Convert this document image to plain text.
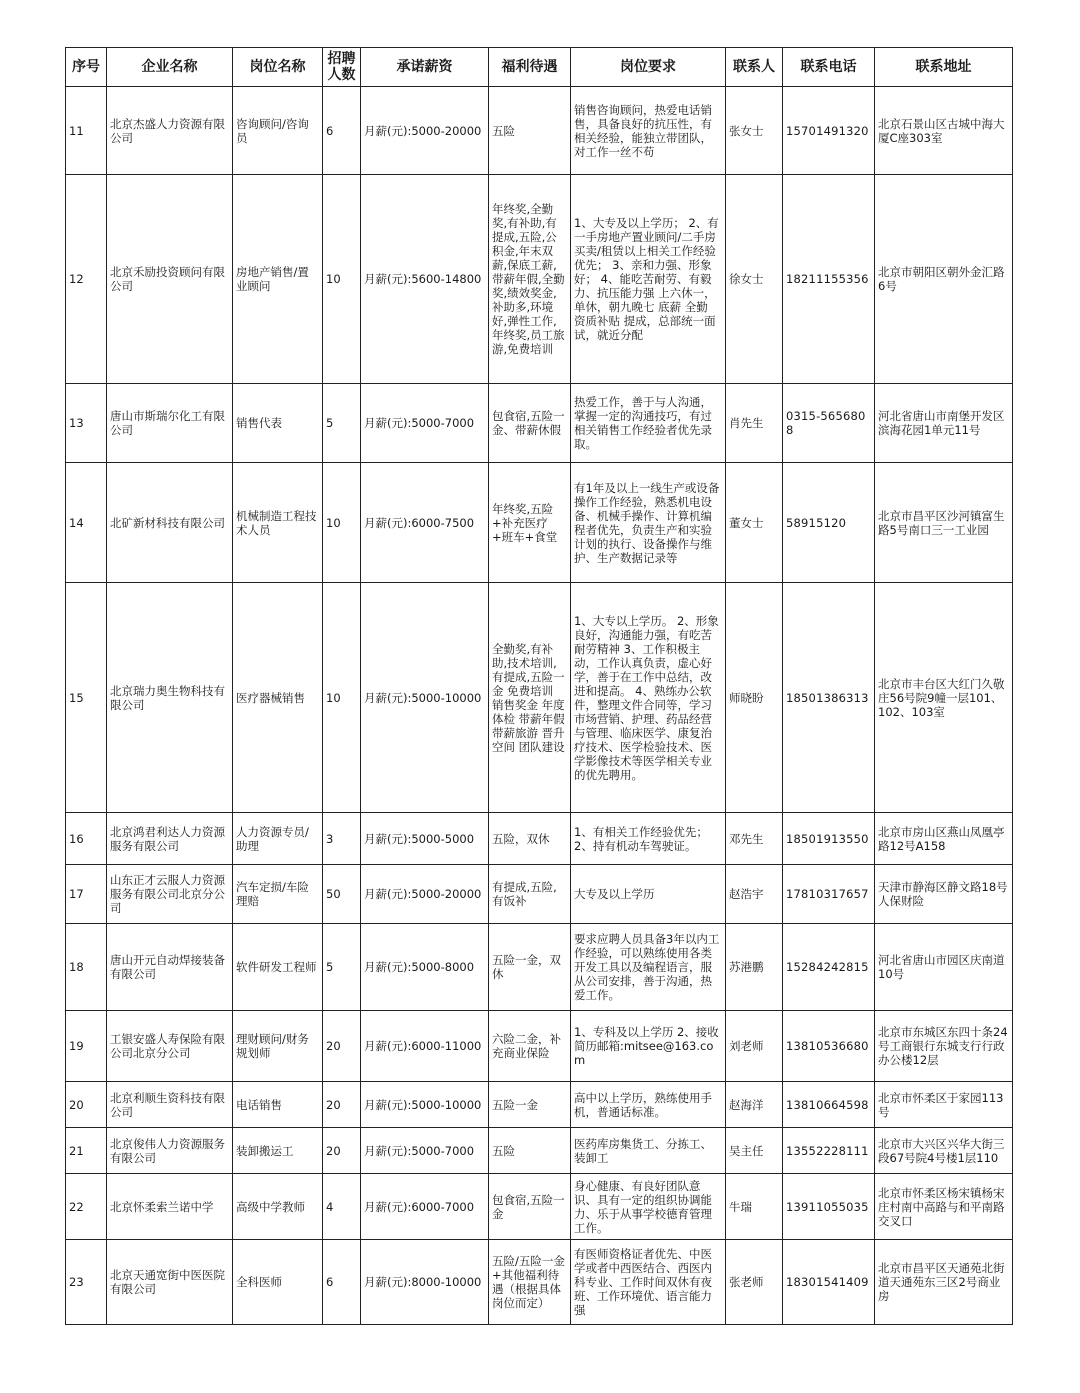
序号	企业名称	岗位名称	招聘人数	承诺薪资	福利待遇	岗位要求	联系人	联系电话	联系地址
11	北京杰盛人力资源有限公司	咨询顾问/咨询员	6	月薪(元):5000-20000	五险	销售咨询顾问，热爱电话销售，具备良好的抗压性，有相关经验，能独立带团队，对工作一丝不苟	张女士	15701491320	北京石景山区古城中海大厦C座303室
12	北京禾励投资顾问有限公司	房地产销售/置业顾问	10	月薪(元):5600-14800	年终奖,全勤奖,有补助,有提成,五险,公积金,年末双薪,保底工薪,带薪年假,全勤奖,绩效奖金,补助多,环境好,弹性工作,年终奖,员工旅游,免费培训	1、大专及以上学历； 2、有一手房地产置业顾问/二手房买卖/租赁以上相关工作经验优先； 3、亲和力强、形象好； 4、能吃苦耐劳、有毅力、抗压能力强 上六休一，单休，朝九晚七 底薪 全勤 资质补贴 提成，总部统一面试，就近分配	徐女士	18211155356	北京市朝阳区朝外金汇路6号
13	唐山市斯瑞尔化工有限公司	销售代表	5	月薪(元):5000-7000	包食宿,五险一金、带薪休假	热爱工作，善于与人沟通，掌握一定的沟通技巧，有过相关销售工作经验者优先录取。	肖先生	0315-5656808	河北省唐山市南堡开发区滨海花园1单元11号
14	北矿新材科技有限公司	机械制造工程技术人员	10	月薪(元):6000-7500	年终奖,五险+补充医疗+班车+食堂	有1年及以上一线生产或设备操作工作经验，熟悉机电设备、机械手操作、计算机编程者优先，负责生产和实验计划的执行、设备操作与维护、生产数据记录等	董女士	58915120	北京市昌平区沙河镇富生路5号南口三一工业园
15	北京瑞力奥生物科技有限公司	医疗器械销售	10	月薪(元):5000-10000	全勤奖,有补助,技术培训,有提成,五险一金 免费培训 销售奖金 年度体检 带薪年假 带薪旅游 晋升空间 团队建设	1、大专以上学历。 2、形象良好，沟通能力强，有吃苦耐劳精神 3、工作积极主动，工作认真负责，虚心好学，善于在工作中总结，改进和提高。 4、熟练办公软件，整理文件合同等，学习市场营销、护理、药品经营与管理、临床医学、康复治疗技术、医学检验技术、医学影像技术等医学相关专业的优先聘用。	师晓盼	18501386313	北京市丰台区大红门久敬庄56号院9幢一层101、102、103室
16	北京鸿君利达人力资源服务有限公司	人力资源专员/助理	3	月薪(元):5000-5000	五险，双休	1、有相关工作经验优先； 2、持有机动车驾驶证。	邓先生	18501913550	北京市房山区燕山凤凰亭路12号A158
17	山东正才云服人力资源服务有限公司北京分公司	汽车定损/车险理赔	50	月薪(元):5000-20000	有提成,五险,有饭补	大专及以上学历	赵浩宇	17810317657	天津市静海区静文路18号人保财险
18	唐山开元自动焊接装备有限公司	软件研发工程师	5	月薪(元):5000-8000	五险一金，双休	要求应聘人员具备3年以内工作经验，可以熟练使用各类开发工具以及编程语言，服从公司安排，善于沟通，热爱工作。	苏港鹏	15284242815	河北省唐山市园区庆南道10号
19	工银安盛人寿保险有限公司北京分公司	理财顾问/财务规划师	20	月薪(元):6000-11000	六险二金，补充商业保险	1、专科及以上学历 2、接收简历邮箱:mitsee@163.com	刘老师	13810536680	北京市东城区东四十条24号工商银行东城支行行政办公楼12层
20	北京利顺生资科技有限公司	电话销售	20	月薪(元):5000-10000	五险一金	高中以上学历，熟练使用手机，普通话标准。	赵海洋	13810664598	北京市怀柔区于家园113号
21	北京俊伟人力资源服务有限公司	装卸搬运工	20	月薪(元):5000-7000	五险	医药库房集货工、分拣工、装卸工	吴主任	13552228111	北京市大兴区兴华大街三段67号院4号楼1层110
22	北京怀柔索兰诺中学	高级中学教师	4	月薪(元):6000-7000	包食宿,五险一金	身心健康、有良好团队意识、具有一定的组织协调能力、乐于从事学校德育管理工作。	牛瑞	13911055035	北京市怀柔区杨宋镇杨宋庄村南中高路与和平南路交叉口
23	北京天通宽街中医医院有限公司	全科医师	6	月薪(元):8000-10000	五险/五险一金+其他福利待遇（根据具体岗位而定）	有医师资格证者优先、中医学或者中西医结合、西医内科专业、工作时间双休有夜班、工作环境优、语言能力强	张老师	18301541409	北京市昌平区天通苑北街道天通苑东三区2号商业房
